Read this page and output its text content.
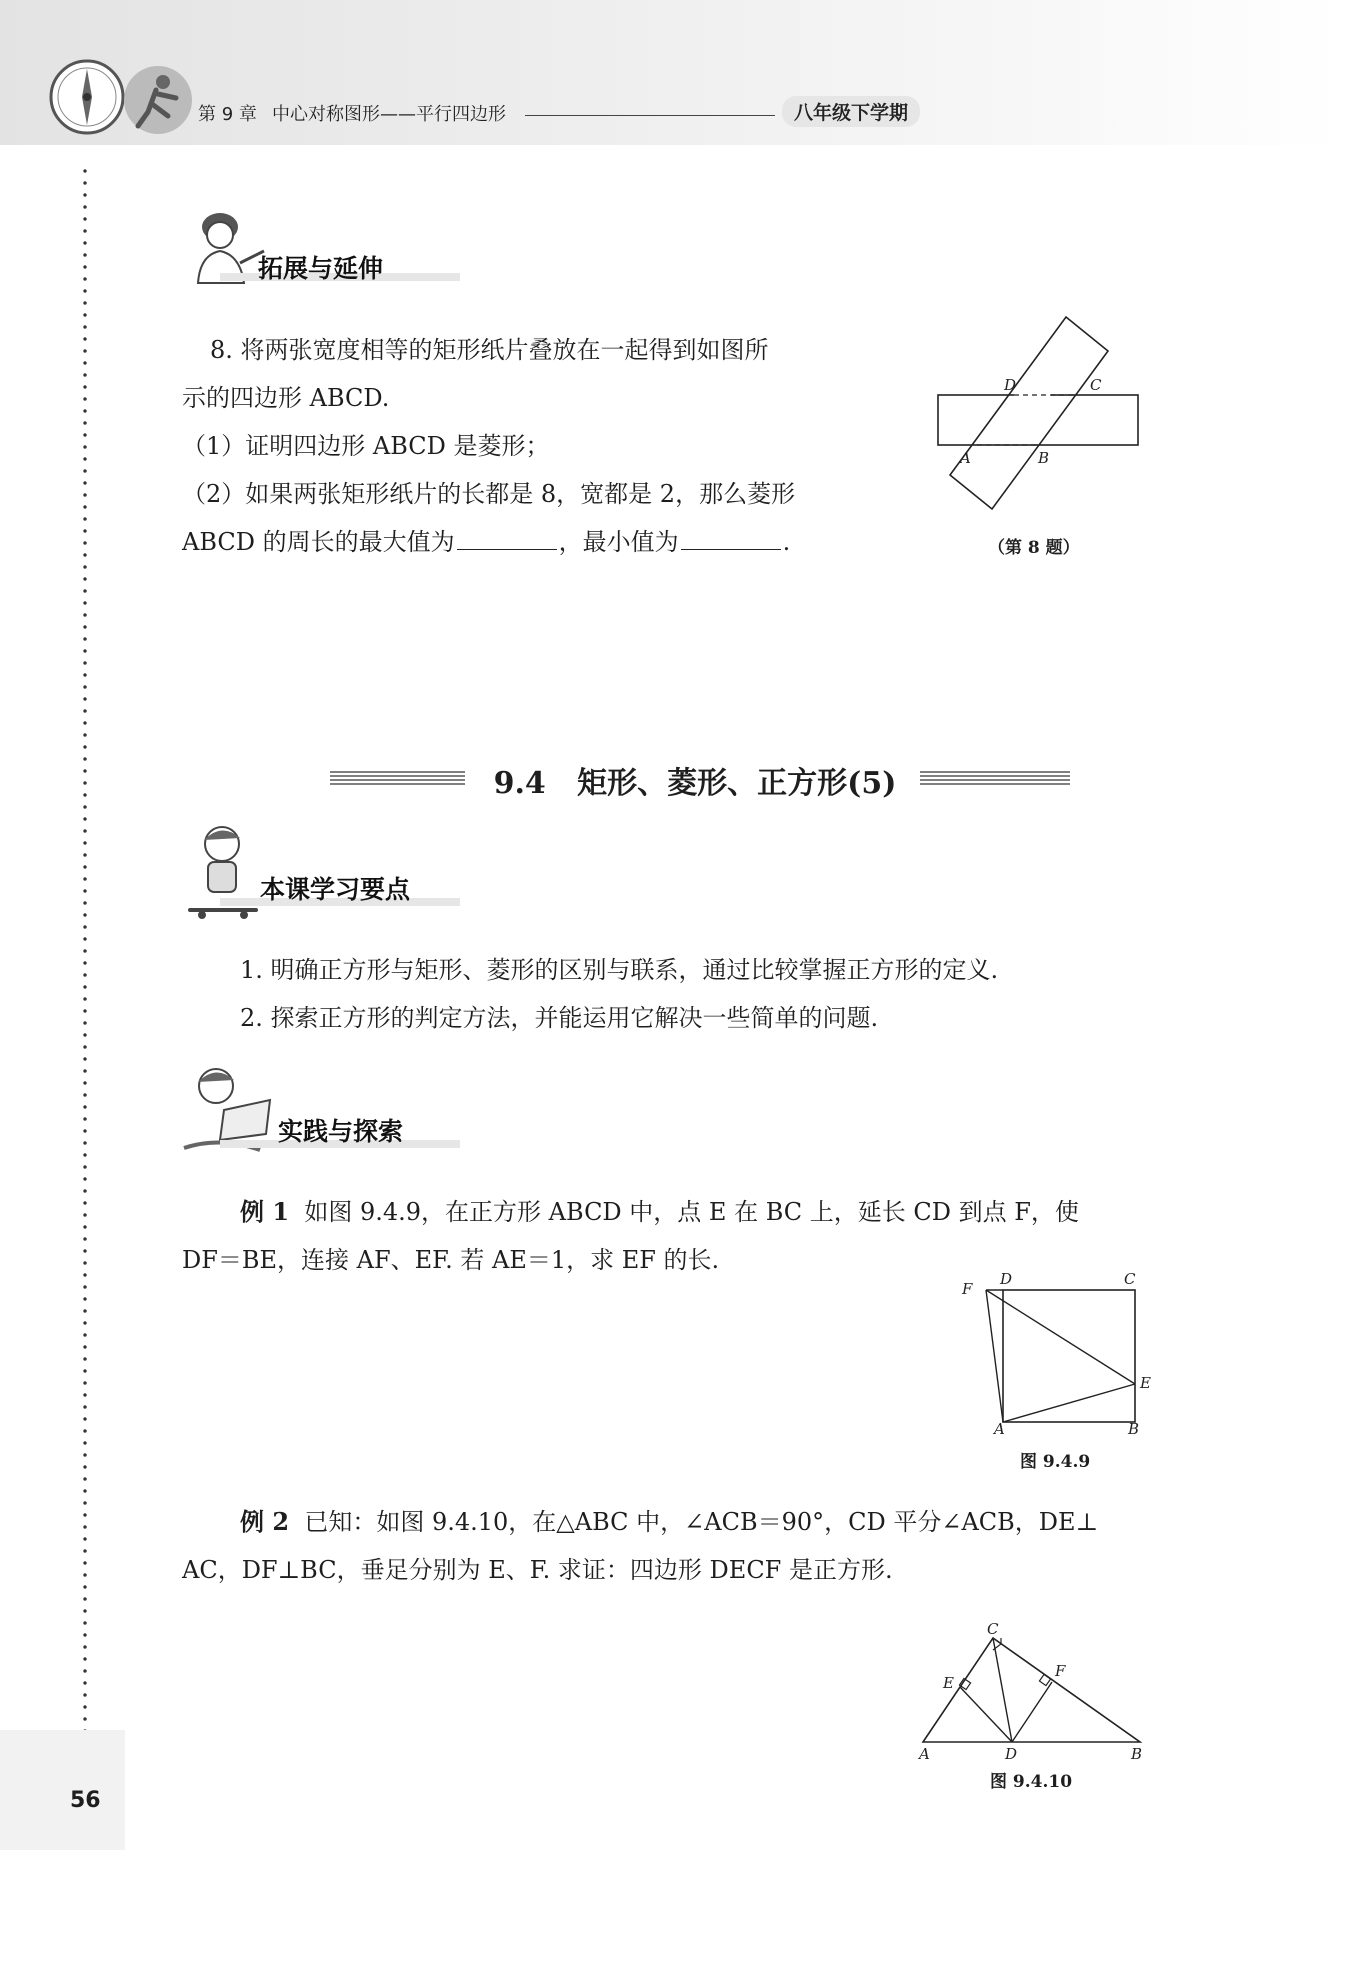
第 9 章 中心对称图形——平行四边形	八年级下学期
56
拓展与延伸
8. 将两张宽度相等的矩形纸片叠放在一起得到如图所
示的四边形 ABCD.
（1）证明四边形 ABCD 是菱形；
（2）如果两张矩形纸片的长都是 8，宽都是 2，那么菱形
ABCD 的周长的最大值为	，最小值为	.
D	C
A	B
（第 8 题）
9.4 矩形、菱形、正方形(5)
本课学习要点
1. 明确正方形与矩形、菱形的区别与联系，通过比较掌握正方形的定义.
2. 探索正方形的判定方法，并能运用它解决一些简单的问题.
实践与探索
例 1 如图 9.4.9，在正方形 ABCD 中，点 E 在 BC 上，延长 CD 到点 F，使
DF＝BE，连接 AF、EF. 若 AE＝1，求 EF 的长.
F
D	C
E
A	B
图 9.4.9
例 2 已知：如图 9.4.10，在△ABC 中，∠ACB＝90°，CD 平分∠ACB，DE⊥
AC，DF⊥BC，垂足分别为 E、F. 求证：四边形 DECF 是正方形.
C
E
F
A	D	B
图 9.4.10
